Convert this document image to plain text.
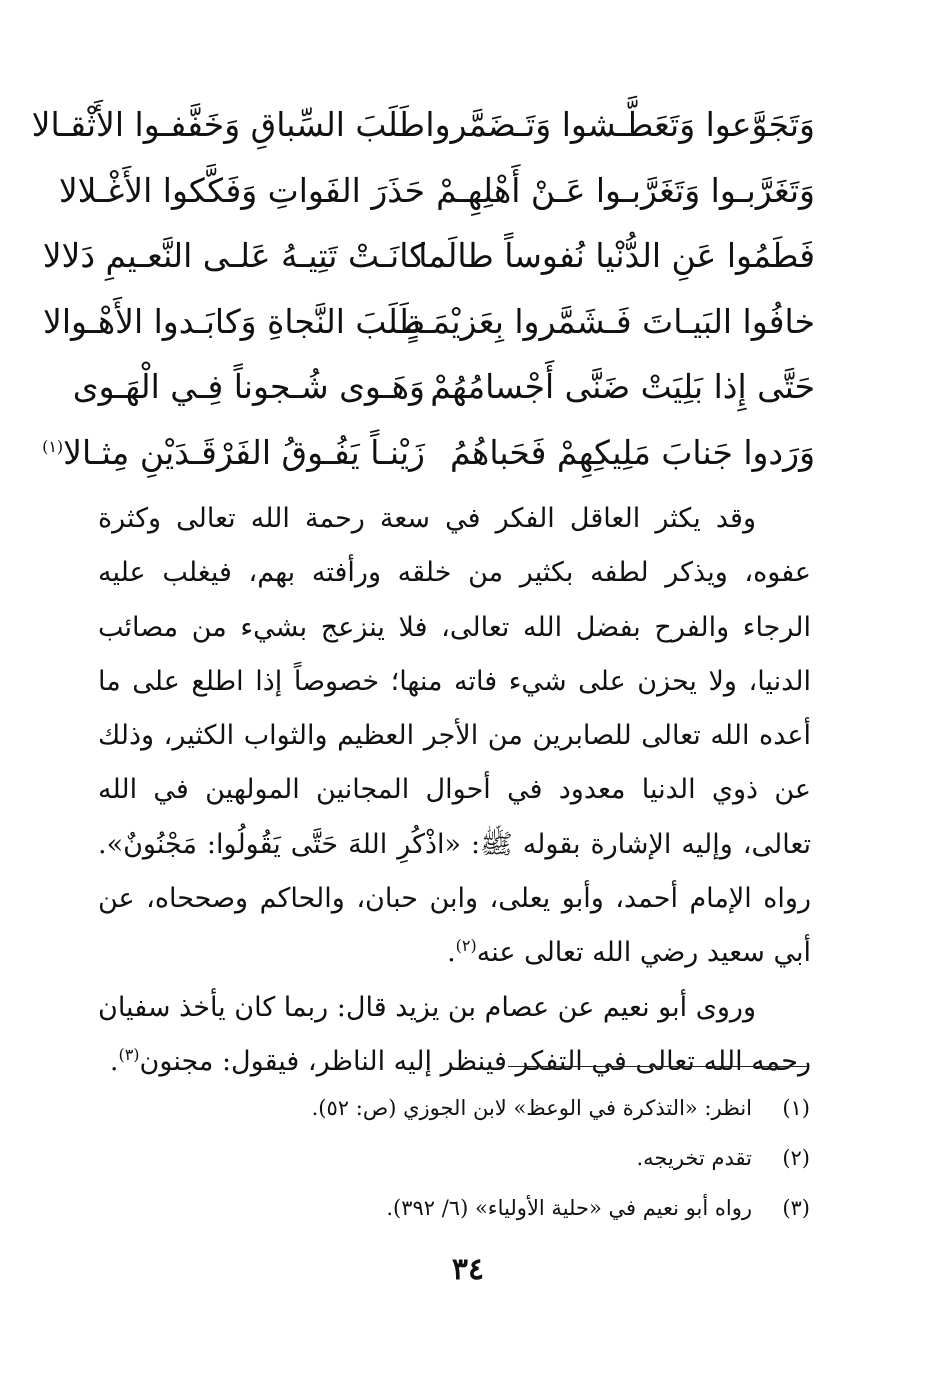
وَتَجَوَّعوا وَتَعَطَّـشوا وَتَـضَمَّروا
طَلَبَ السِّباقِ وَخَفَّفـوا الأَثْقـالا
وَتَغَرَّبـوا وَتَغَرَّبـوا عَـنْ أَهْلِهِـمْ
حَذَرَ الفَواتِ وَفَكَّكوا الأَغْـلالا
فَطَمُوا عَنِ الدُّنْيا نُفوساً طالَما
كانَـتْ تَتِيـهُ عَلـى النَّعـيمِ دَلالا
خافُوا البَيـاتَ فَـشَمَّروا بِعَزيْمَـةٍ
طَلَبَ النَّجاةِ وَكابَـدوا الأَهْـوالا
حَتَّى إِذا بَلِيَتْ ضَنَّى أَجْسامُهُمْ
وَهَـوى شُـجوناً فِـي الْهَـوى
وَرَدوا جَنابَ مَلِيكِهِمْ فَحَباهُمُ
زَيْنـاً يَفُـوقُ الفَرْقَـدَيْنِ مِثـالا$^{(١)}$

وقد يكثر العاقل الفكر في سعة رحمة الله تعالى وكثرة عفوه، ويذكر لطفه بكثير من خلقه ورأفته بهم، فيغلب عليه الرجاء والفرح بفضل الله تعالى، فلا ينزعج بشيء من مصائب الدنيا، ولا يحزن على شيء فاته منها؛ خصوصاً إذا اطلع على ما أعده الله تعالى للصابرين من الأجر العظيم والثواب الكثير، وذلك عن ذوي الدنيا معدود في أحوال المجانين المولهين في الله تعالى، وإليه الإشارة بقوله ﷺ: «اذْكُرِ اللهَ حَتَّى يَقُولُوا: مَجْنُونٌ». رواه الإمام أحمد، وأبو يعلى، وابن حبان، والحاكم وصححاه، عن أبي سعيد رضي الله تعالى عنه$^{(٢)}$.

وروى أبو نعيم عن عصام بن يزيد قال: ربما كان يأخذ سفيان رحمه الله تعالى في التفكر فينظر إليه الناظر، فيقول: مجنون$^{(٣)}$.

(١)
انظر: «التذكرة في الوعظ» لابن الجوزي (ص: ٥٢).
(٢)
تقدم تخريجه.
(٣)
رواه أبو نعيم في «حلية الأولياء» (٦/ ٣٩٢).
٣٤
